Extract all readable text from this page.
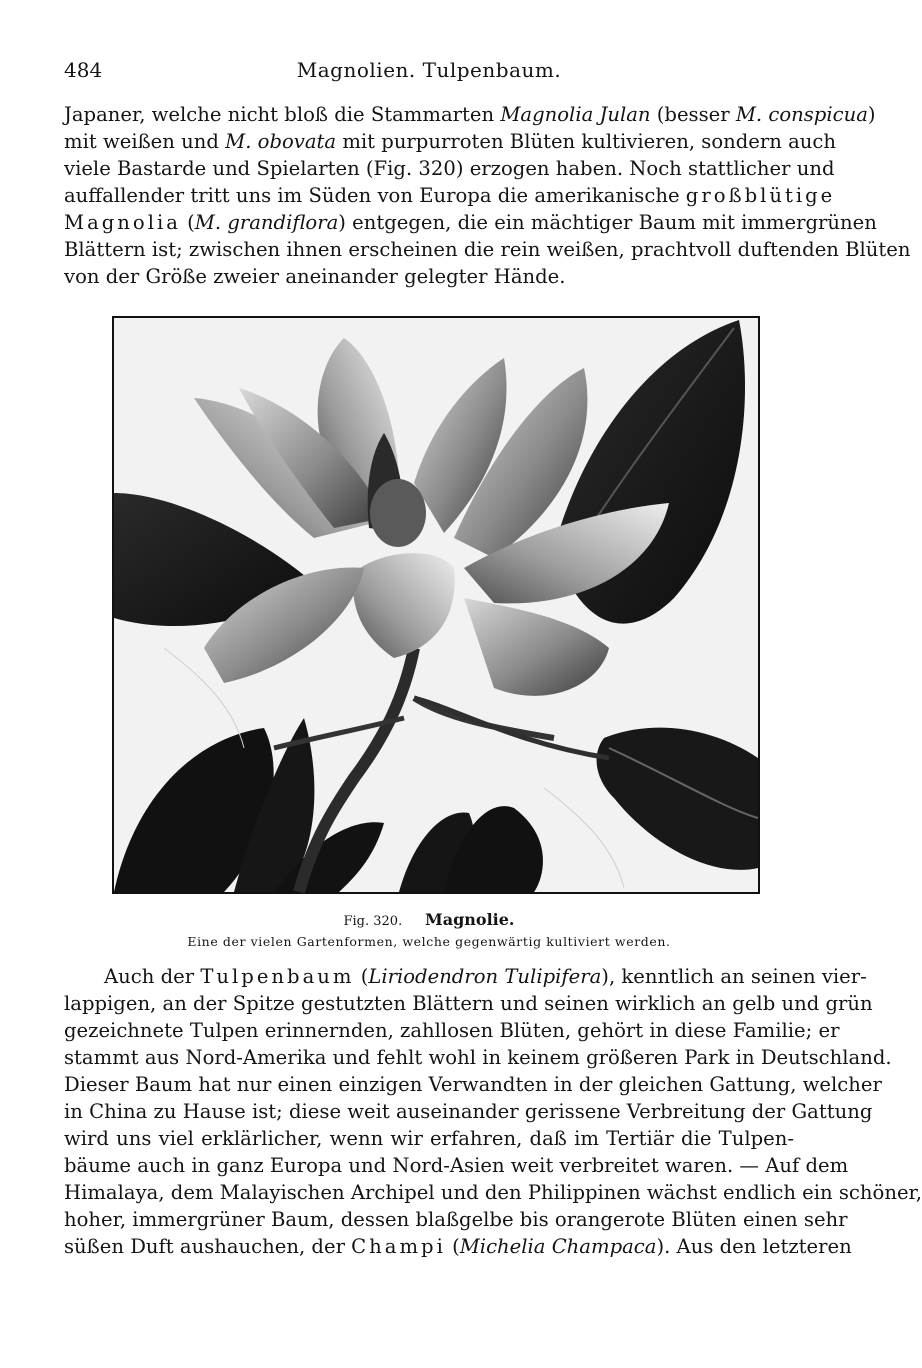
484	Magnolien. Tulpenbaum.
Japaner, welche nicht bloß die Stammarten Magnolia Julan (besser M. conspicua)
mit weißen und M. obovata mit purpurroten Blüten kultivieren, sondern auch
viele Bastarde und Spielarten (Fig. 320) erzogen haben. Noch stattlicher und
auffallender tritt uns im Süden von Europa die amerikanische großblütige
Magnolia (M. grandiflora) entgegen, die ein mächtiger Baum mit immergrünen
Blättern ist; zwischen ihnen erscheinen die rein weißen, prachtvoll duftenden Blüten
von der Größe zweier aneinander gelegter Hände.
Fig. 320. Magnolie.
Eine der vielen Gartenformen, welche gegenwärtig kultiviert werden.
Auch der Tulpenbaum (Liriodendron Tulipifera), kenntlich an seinen vier-
lappigen, an der Spitze gestutzten Blättern und seinen wirklich an gelb und grün
gezeichnete Tulpen erinnernden, zahllosen Blüten, gehört in diese Familie; er
stammt aus Nord-Amerika und fehlt wohl in keinem größeren Park in Deutschland.
Dieser Baum hat nur einen einzigen Verwandten in der gleichen Gattung, welcher
in China zu Hause ist; diese weit auseinander gerissene Verbreitung der Gattung
wird uns viel erklärlicher, wenn wir erfahren, daß im Tertiär die Tulpen-
bäume auch in ganz Europa und Nord-Asien weit verbreitet waren. — Auf dem
Himalaya, dem Malayischen Archipel und den Philippinen wächst endlich ein schöner,
hoher, immergrüner Baum, dessen blaßgelbe bis orangerote Blüten einen sehr
süßen Duft aushauchen, der Champi (Michelia Champaca). Aus den letzteren
